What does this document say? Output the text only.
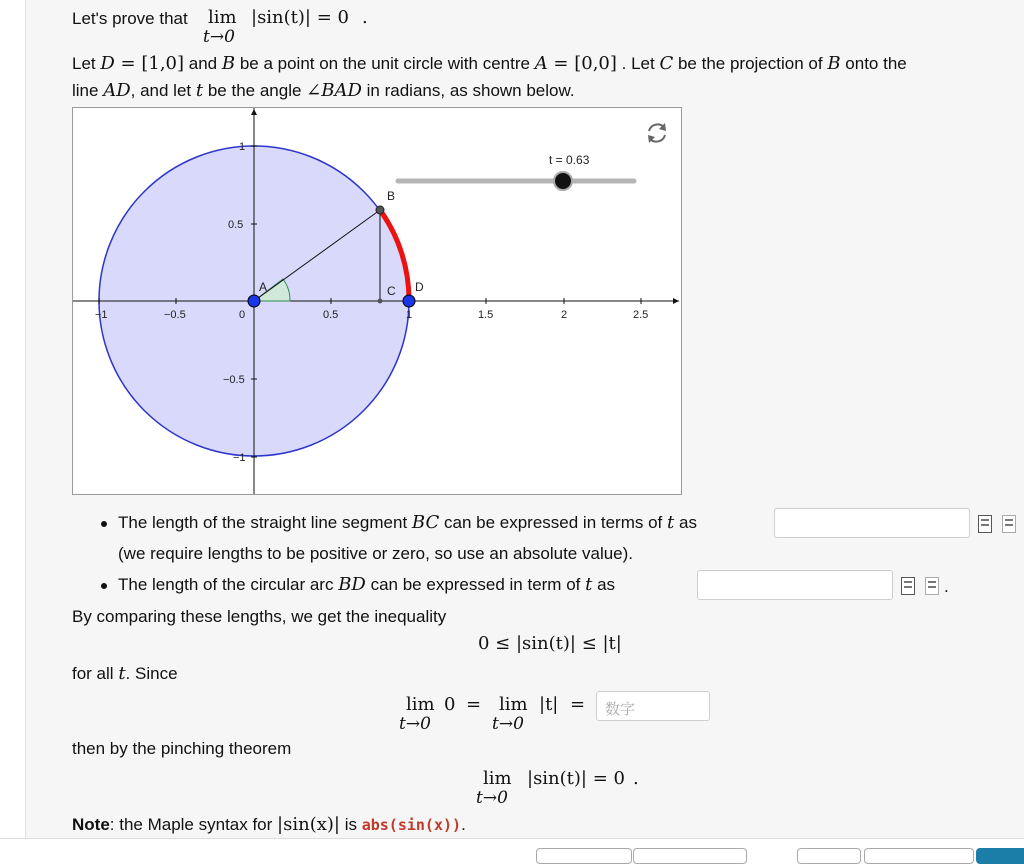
Let's prove that lim
t→0
|sin(t)| = 0 .
Let D = [1,0] and B be a point on the unit circle with centre A = [0,0] . Let C be the projection of B onto the
line AD, and let t be the angle ∠BAD in radians, as shown below.
−1	−0.5	0	0.5	1	1.5	2	2.5
1
0.5
−0.5
−1
B
A	C D
t = 0.63
The length of the straight line segment BC can be expressed in terms of t as
(we require lengths to be positive or zero, so use an absolute value).
The length of the circular arc BD can be expressed in term of t as	.
By comparing these lengths, we get the inequality
0 ≤ |sin(t)| ≤ |t|
for all t. Since
lim
t→0
0 = lim
t→0
|t| =	数字
then by the pinching theorem
lim
t→0
|sin(t)| = 0 .
Note: the Maple syntax for |sin(x)| is abs(sin(x)).
